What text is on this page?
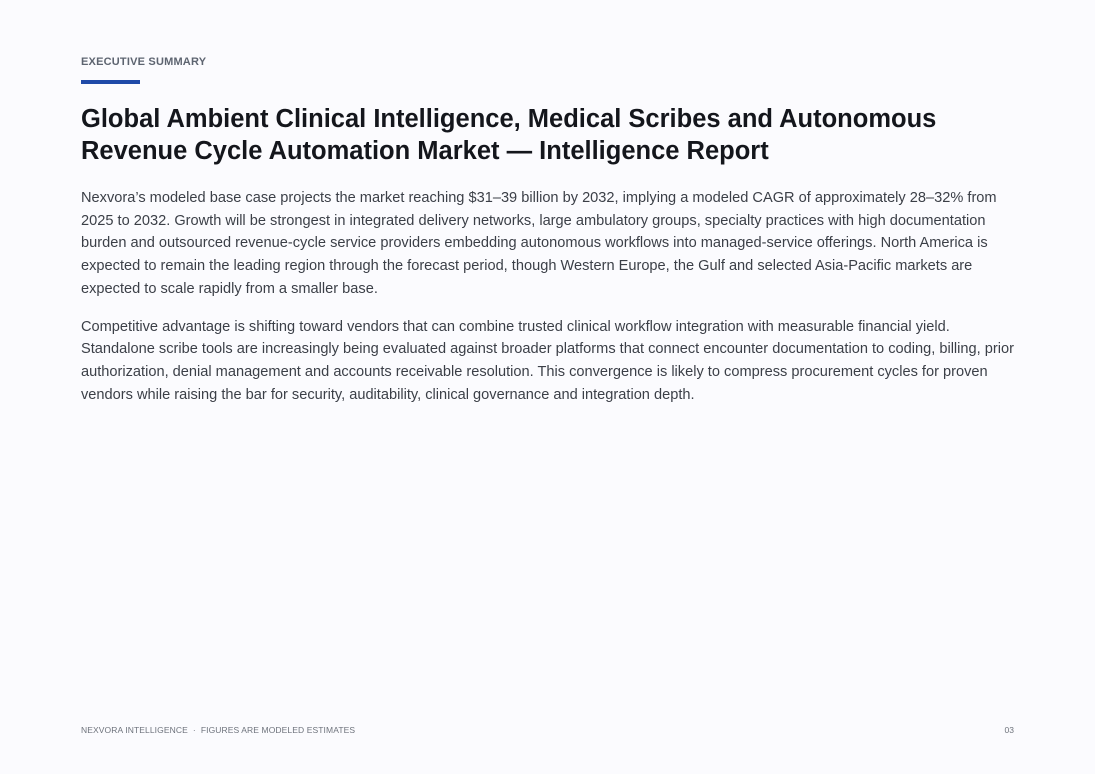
EXECUTIVE SUMMARY
Global Ambient Clinical Intelligence, Medical Scribes and Autonomous Revenue Cycle Automation Market — Intelligence Report

Nexvora’s modeled base case projects the market reaching $31–39 billion by 2032, implying a modeled CAGR of approximately 28–32% from 2025 to 2032. Growth will be strongest in integrated delivery networks, large ambulatory groups, specialty practices with high documentation burden and outsourced revenue-cycle service providers embedding autonomous workflows into managed-service offerings. North America is expected to remain the leading region through the forecast period, though Western Europe, the Gulf and selected Asia-Pacific markets are expected to scale rapidly from a smaller base.

Competitive advantage is shifting toward vendors that can combine trusted clinical workflow integration with measurable financial yield. Standalone scribe tools are increasingly being evaluated against broader platforms that connect encounter documentation to coding, billing, prior authorization, denial management and accounts receivable resolution. This convergence is likely to compress procurement cycles for proven vendors while raising the bar for security, auditability, clinical governance and integration depth.

NEXVORA INTELLIGENCE · FIGURES ARE MODELED ESTIMATES	03
